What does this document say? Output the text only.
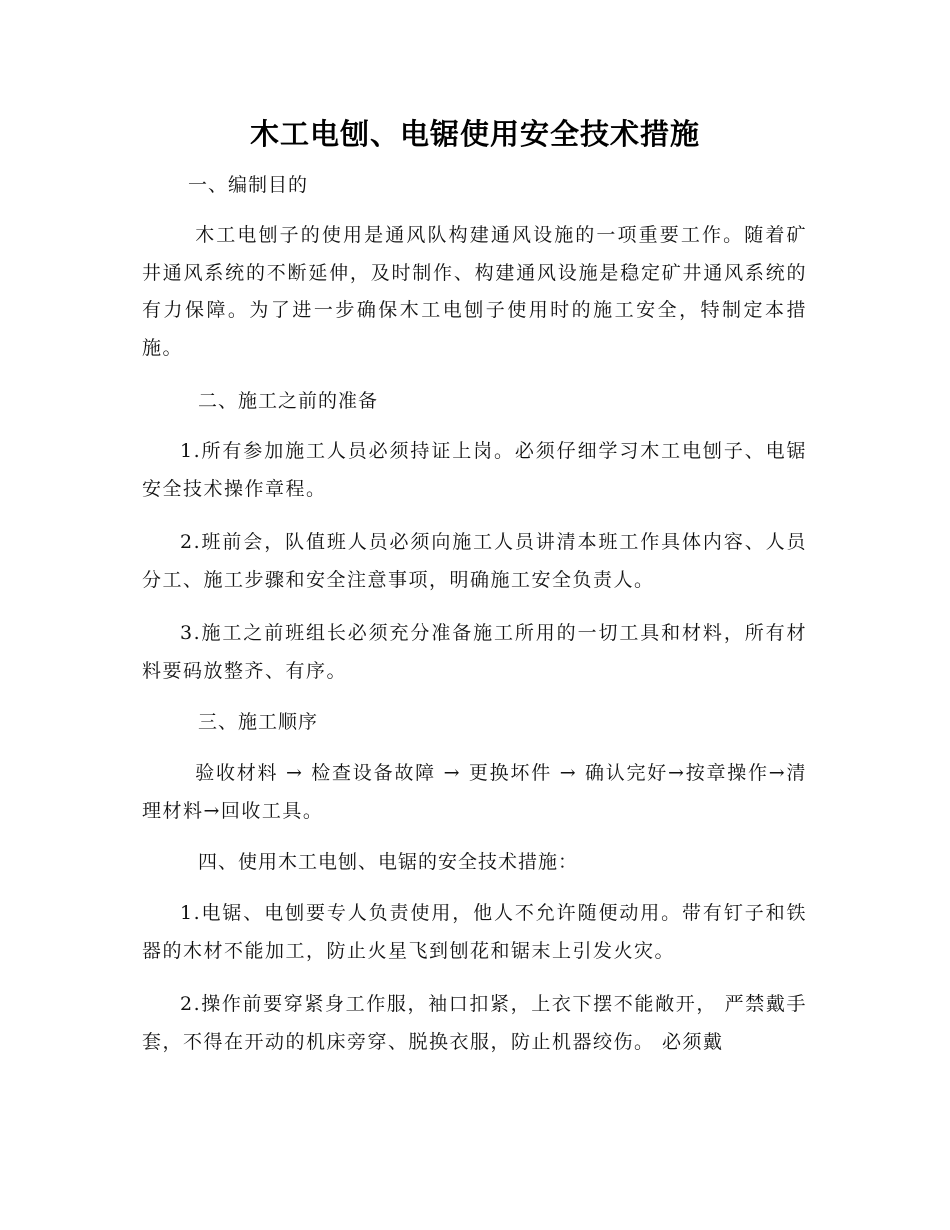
木工电刨、电锯使用安全技术措施
一、编制目的
木工电刨子的使用是通风队构建通风设施的一项重要工作。随着矿井通风系统的不断延伸，及时制作、构建通风设施是稳定矿井通风系统的有力保障。为了进一步确保木工电刨子使用时的施工安全，特制定本措施。
二、施工之前的准备
1.所有参加施工人员必须持证上岗。必须仔细学习木工电刨子、电锯安全技术操作章程。
2.班前会，队值班人员必须向施工人员讲清本班工作具体内容、人员分工、施工步骤和安全注意事项，明确施工安全负责人。
3.施工之前班组长必须充分准备施工所用的一切工具和材料，所有材料要码放整齐、有序。
三、施工顺序
验收材料 → 检查设备故障 → 更换坏件 → 确认完好→按章操作→清理材料→回收工具。
四、使用木工电刨、电锯的安全技术措施：
1.电锯、电刨要专人负责使用，他人不允许随便动用。带有钉子和铁器的木材不能加工，防止火星飞到刨花和锯末上引发火灾。
2.操作前要穿紧身工作服，袖口扣紧，上衣下摆不能敞开， 严禁戴手套，不得在开动的机床旁穿、脱换衣服，防止机器绞伤。 必须戴
